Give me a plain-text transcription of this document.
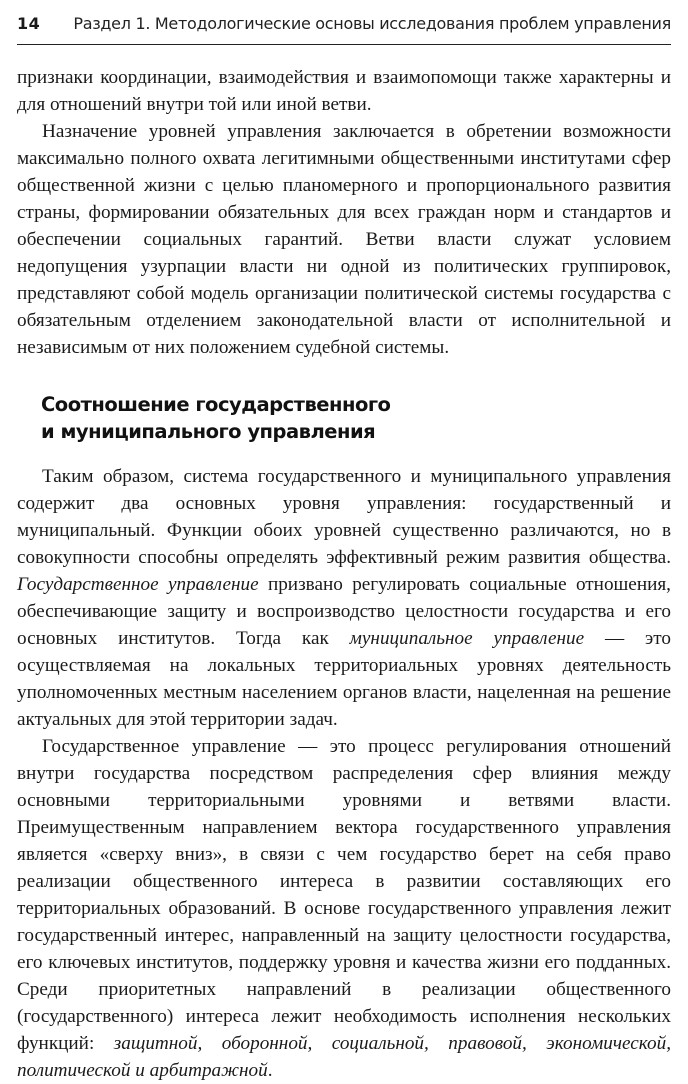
14 Раздел 1. Методологические основы исследования проблем управления

признаки координации, взаимодействия и взаимопомощи также характерны и для отношений внутри той или иной ветви.

Назначение уровней управления заключается в обретении возможности максимально полного охвата легитимными общественными институтами сфер общественной жизни с целью планомерного и пропорционального развития страны, формировании обязательных для всех граждан норм и стандартов и обеспечении социальных гарантий. Ветви власти служат условием недопущения узурпации власти ни одной из политических группировок, представляют собой модель организации политической системы государства с обязательным отделением законодательной власти от исполнительной и независимым от них положением судебной системы.

Соотношение государственного
и муниципального управления

Таким образом, система государственного и муниципального управления содержит два основных уровня управления: государственный и муниципальный. Функции обоих уровней существенно различаются, но в совокупности способны определять эффективный режим развития общества. Государственное управление призвано регулировать социальные отношения, обеспечивающие защиту и воспроизводство целостности государства и его основных институтов. Тогда как муниципальное управление — это осуществляемая на локальных территориальных уровнях деятельность уполномоченных местным населением органов власти, нацеленная на решение актуальных для этой территории задач.

Государственное управление — это процесс регулирования отношений внутри государства посредством распределения сфер влияния между основными территориальными уровнями и ветвями власти. Преимущественным направлением вектора государственного управления является «сверху вниз», в связи с чем государство берет на себя право реализации общественного интереса в развитии составляющих его территориальных образований. В основе государственного управления лежит государственный интерес, направленный на защиту целостности государства, его ключевых институтов, поддержку уровня и качества жизни его подданных. Среди приоритетных направлений в реализации общественного (государственного) интереса лежит необходимость исполнения нескольких функций: защитной, оборонной, социальной, правовой, экономической, политической и арбитражной.
